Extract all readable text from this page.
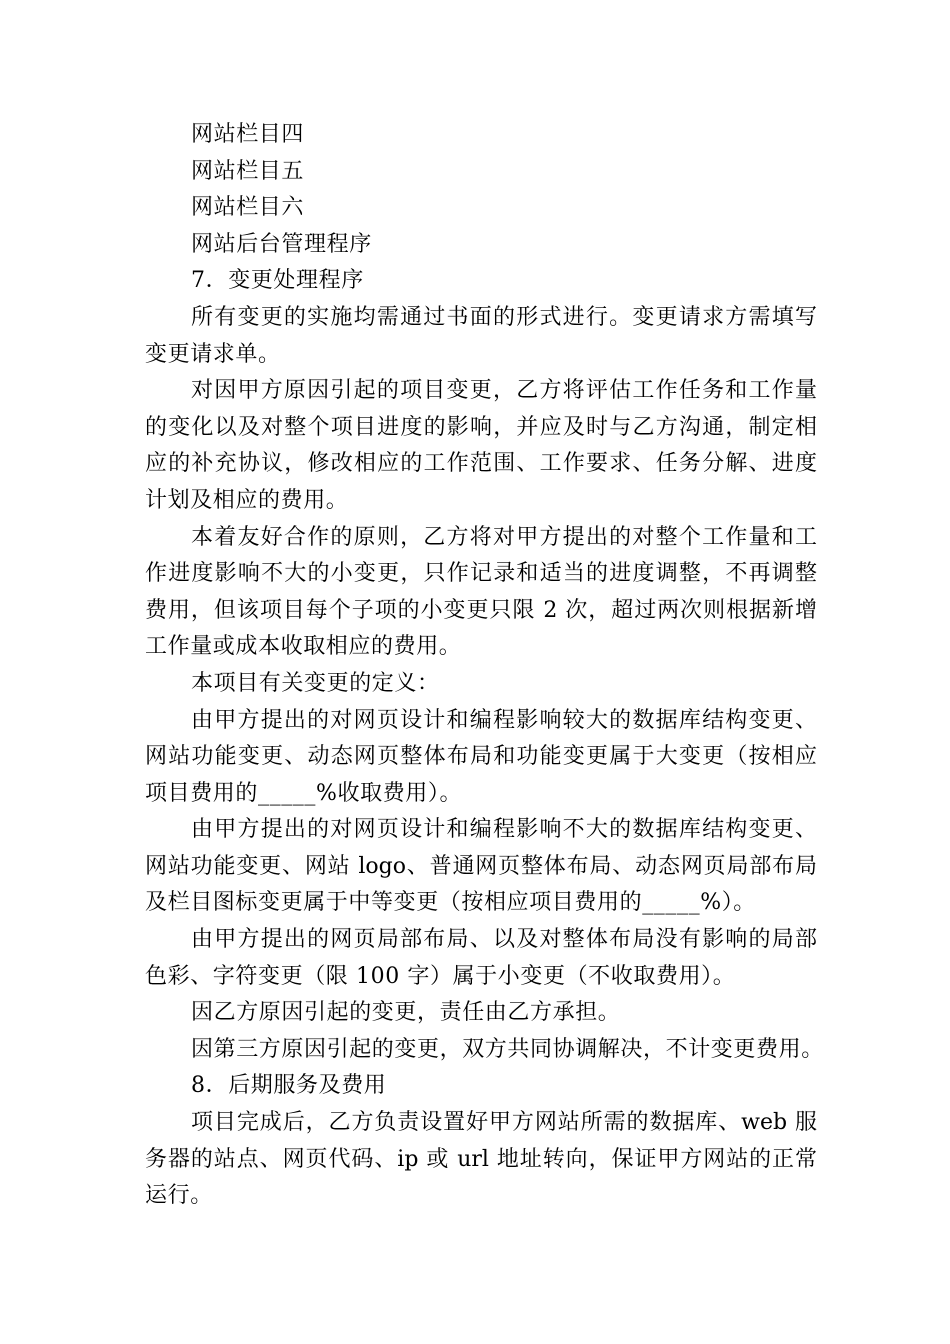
网站栏目四
网站栏目五
网站栏目六
网站后台管理程序
7．变更处理程序
所有变更的实施均需通过书面的形式进行。变更请求方需填写
变更请求单。
对因甲方原因引起的项目变更，乙方将评估工作任务和工作量
的变化以及对整个项目进度的影响，并应及时与乙方沟通，制定相
应的补充协议，修改相应的工作范围、工作要求、任务分解、进度
计划及相应的费用。
本着友好合作的原则，乙方将对甲方提出的对整个工作量和工
作进度影响不大的小变更，只作记录和适当的进度调整，不再调整
费用，但该项目每个子项的小变更只限 2 次，超过两次则根据新增
工作量或成本收取相应的费用。
本项目有关变更的定义：
由甲方提出的对网页设计和编程影响较大的数据库结构变更、
网站功能变更、动态网页整体布局和功能变更属于大变更（按相应
项目费用的_____%收取费用）。
由甲方提出的对网页设计和编程影响不大的数据库结构变更、
网站功能变更、网站 logo、普通网页整体布局、动态网页局部布局
及栏目图标变更属于中等变更（按相应项目费用的_____%）。
由甲方提出的网页局部布局、以及对整体布局没有影响的局部
色彩、字符变更（限 100 字）属于小变更（不收取费用）。
因乙方原因引起的变更，责任由乙方承担。
因第三方原因引起的变更，双方共同协调解决，不计变更费用。
8．后期服务及费用
项目完成后，乙方负责设置好甲方网站所需的数据库、web 服
务器的站点、网页代码、ip 或 url 地址转向，保证甲方网站的正常
运行。
